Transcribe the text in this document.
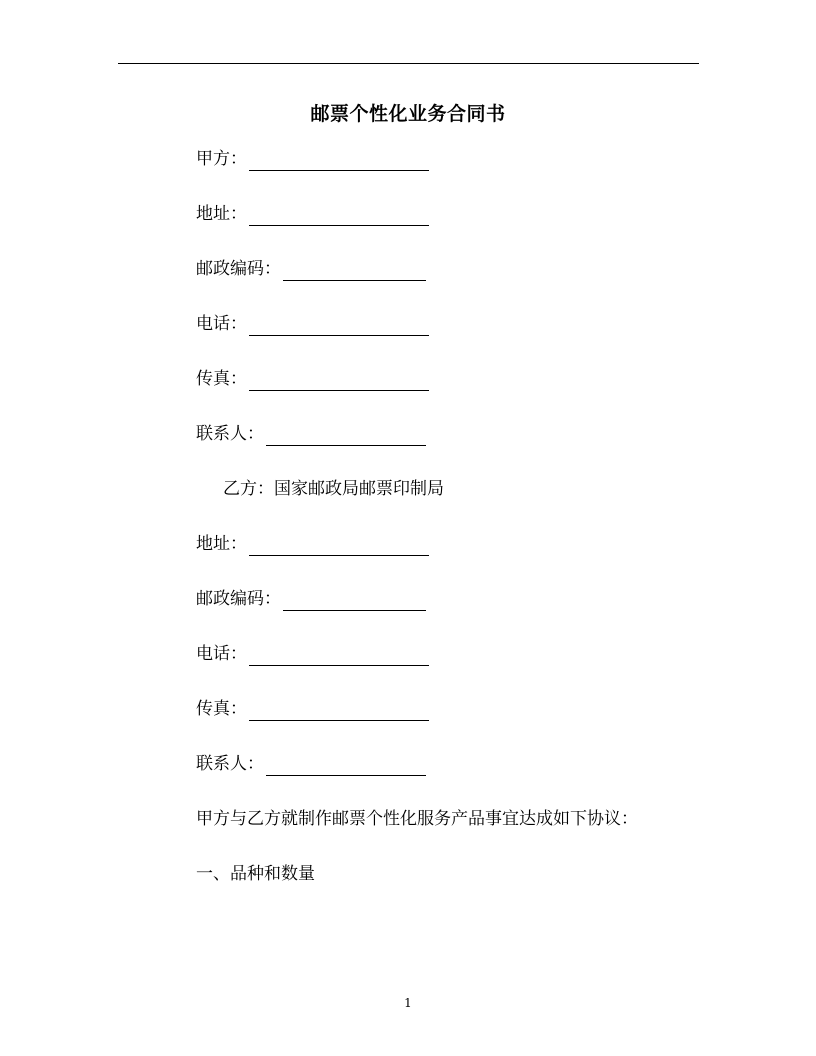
邮票个性化业务合同书
甲方：
地址：
邮政编码：
电话：
传真：
联系人：
乙方：国家邮政局邮票印制局
地址：
邮政编码：
电话：
传真：
联系人：
甲方与乙方就制作邮票个性化服务产品事宜达成如下协议：
一、品种和数量
1
